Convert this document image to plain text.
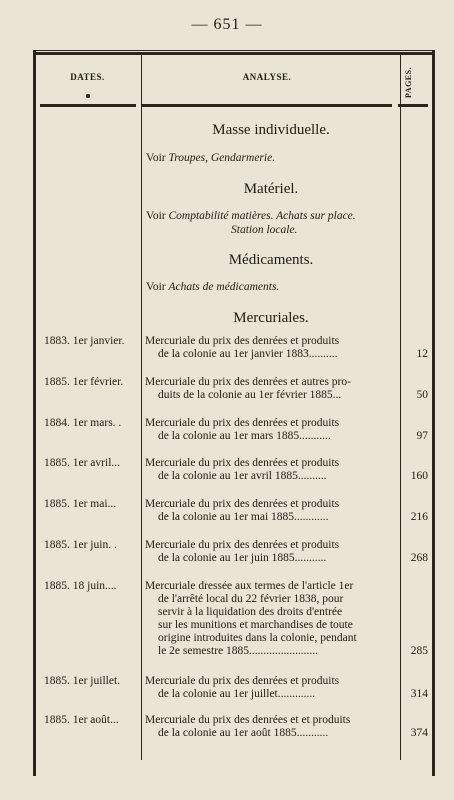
— 651 —
DATES.	ANALYSE.	PAGES.
Masse individuelle.
Voir Troupes, Gendarmerie.
Matériel.
Voir Comptabilité matières. Achats sur place.
Station locale.
Médicaments.
Voir Achats de médicaments.
Mercuriales.
1883. 1er janvier.	Mercuriale du prix des denrées et produits
de la colonie au 1er janvier 1883..........	12
1885. 1er février.	Mercuriale du prix des denrées et autres pro-
duits de la colonie au 1er février 1885...	50
1884. 1er mars. .	Mercuriale du prix des denrées et produits
de la colonie au 1er mars 1885...........	97
1885. 1er avril...	Mercuriale du prix des denrées et produits
de la colonie au 1er avril 1885..........	160
1885. 1er mai...	Mercuriale du prix des denrées et produits
de la colonie au 1er mai 1885............	216
1885. 1er juin. .	Mercuriale du prix des denrées et produits
de la colonie au 1er juin 1885...........	268
1885. 18 juin....	Mercuriale dressée aux termes de l'article 1er
de l'arrêté local du 22 février 1838, pour
servir à la liquidation des droits d'entrée
sur les munitions et marchandises de toute
origine introduites dans la colonie, pendant
le 2e semestre 1885........................	285
1885. 1er juillet.	Mercuriale du prix des denrées et produits
de la colonie au 1er juillet.............	314
1885. 1er août...	Mercuriale du prix des denrées et et produits
de la colonie au 1er août 1885...........	374
